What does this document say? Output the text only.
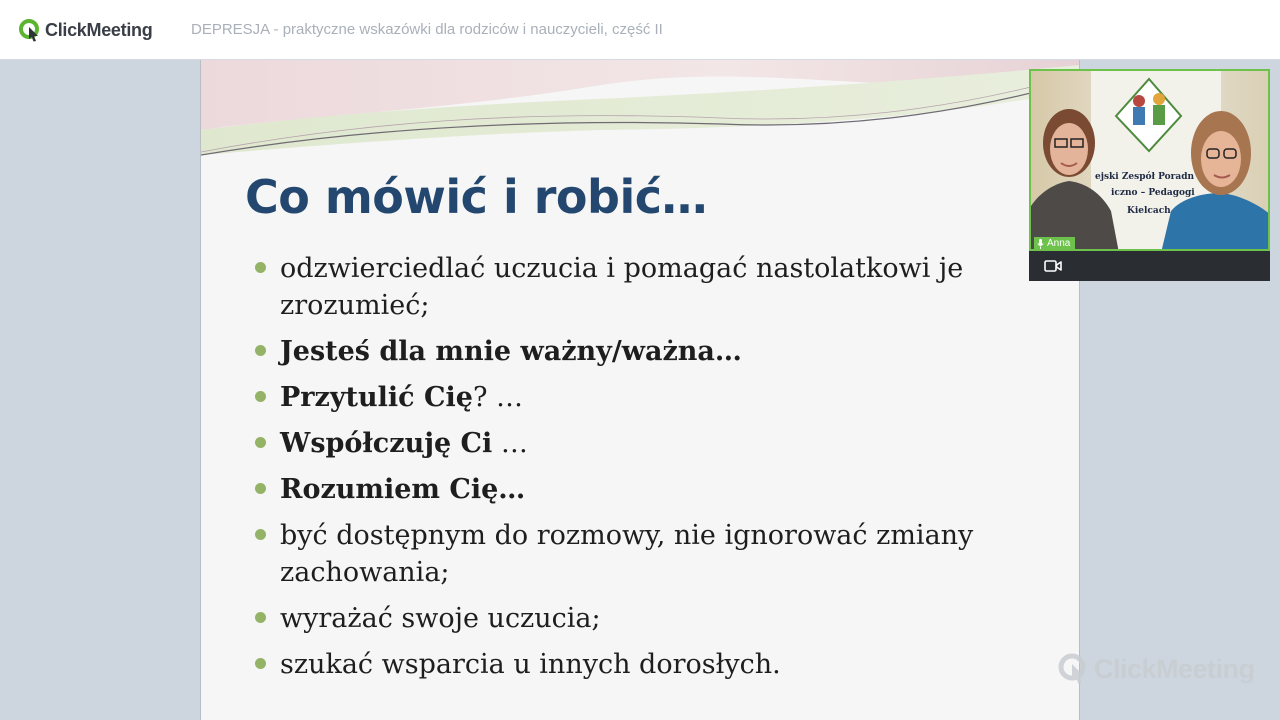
ClickMeeting	DEPRESJA - praktyczne wskazówki dla rodziców i nauczycieli, część II
Co mówić i robić…
odzwierciedlać uczucia i pomagać nastolatkowi je zrozumieć;
Jesteś dla mnie ważny/ważna…
Przytulić Cię? …
Współczuję Ci …
Rozumiem Cię…
być dostępnym do rozmowy, nie ignorować zmiany zachowania;
wyrażać swoje uczucia;
szukać wsparcia u innych dorosłych.
ejski Zespół Poradn
iczno – Pedagogi
Kielcach
Anna
ClickMeeting
